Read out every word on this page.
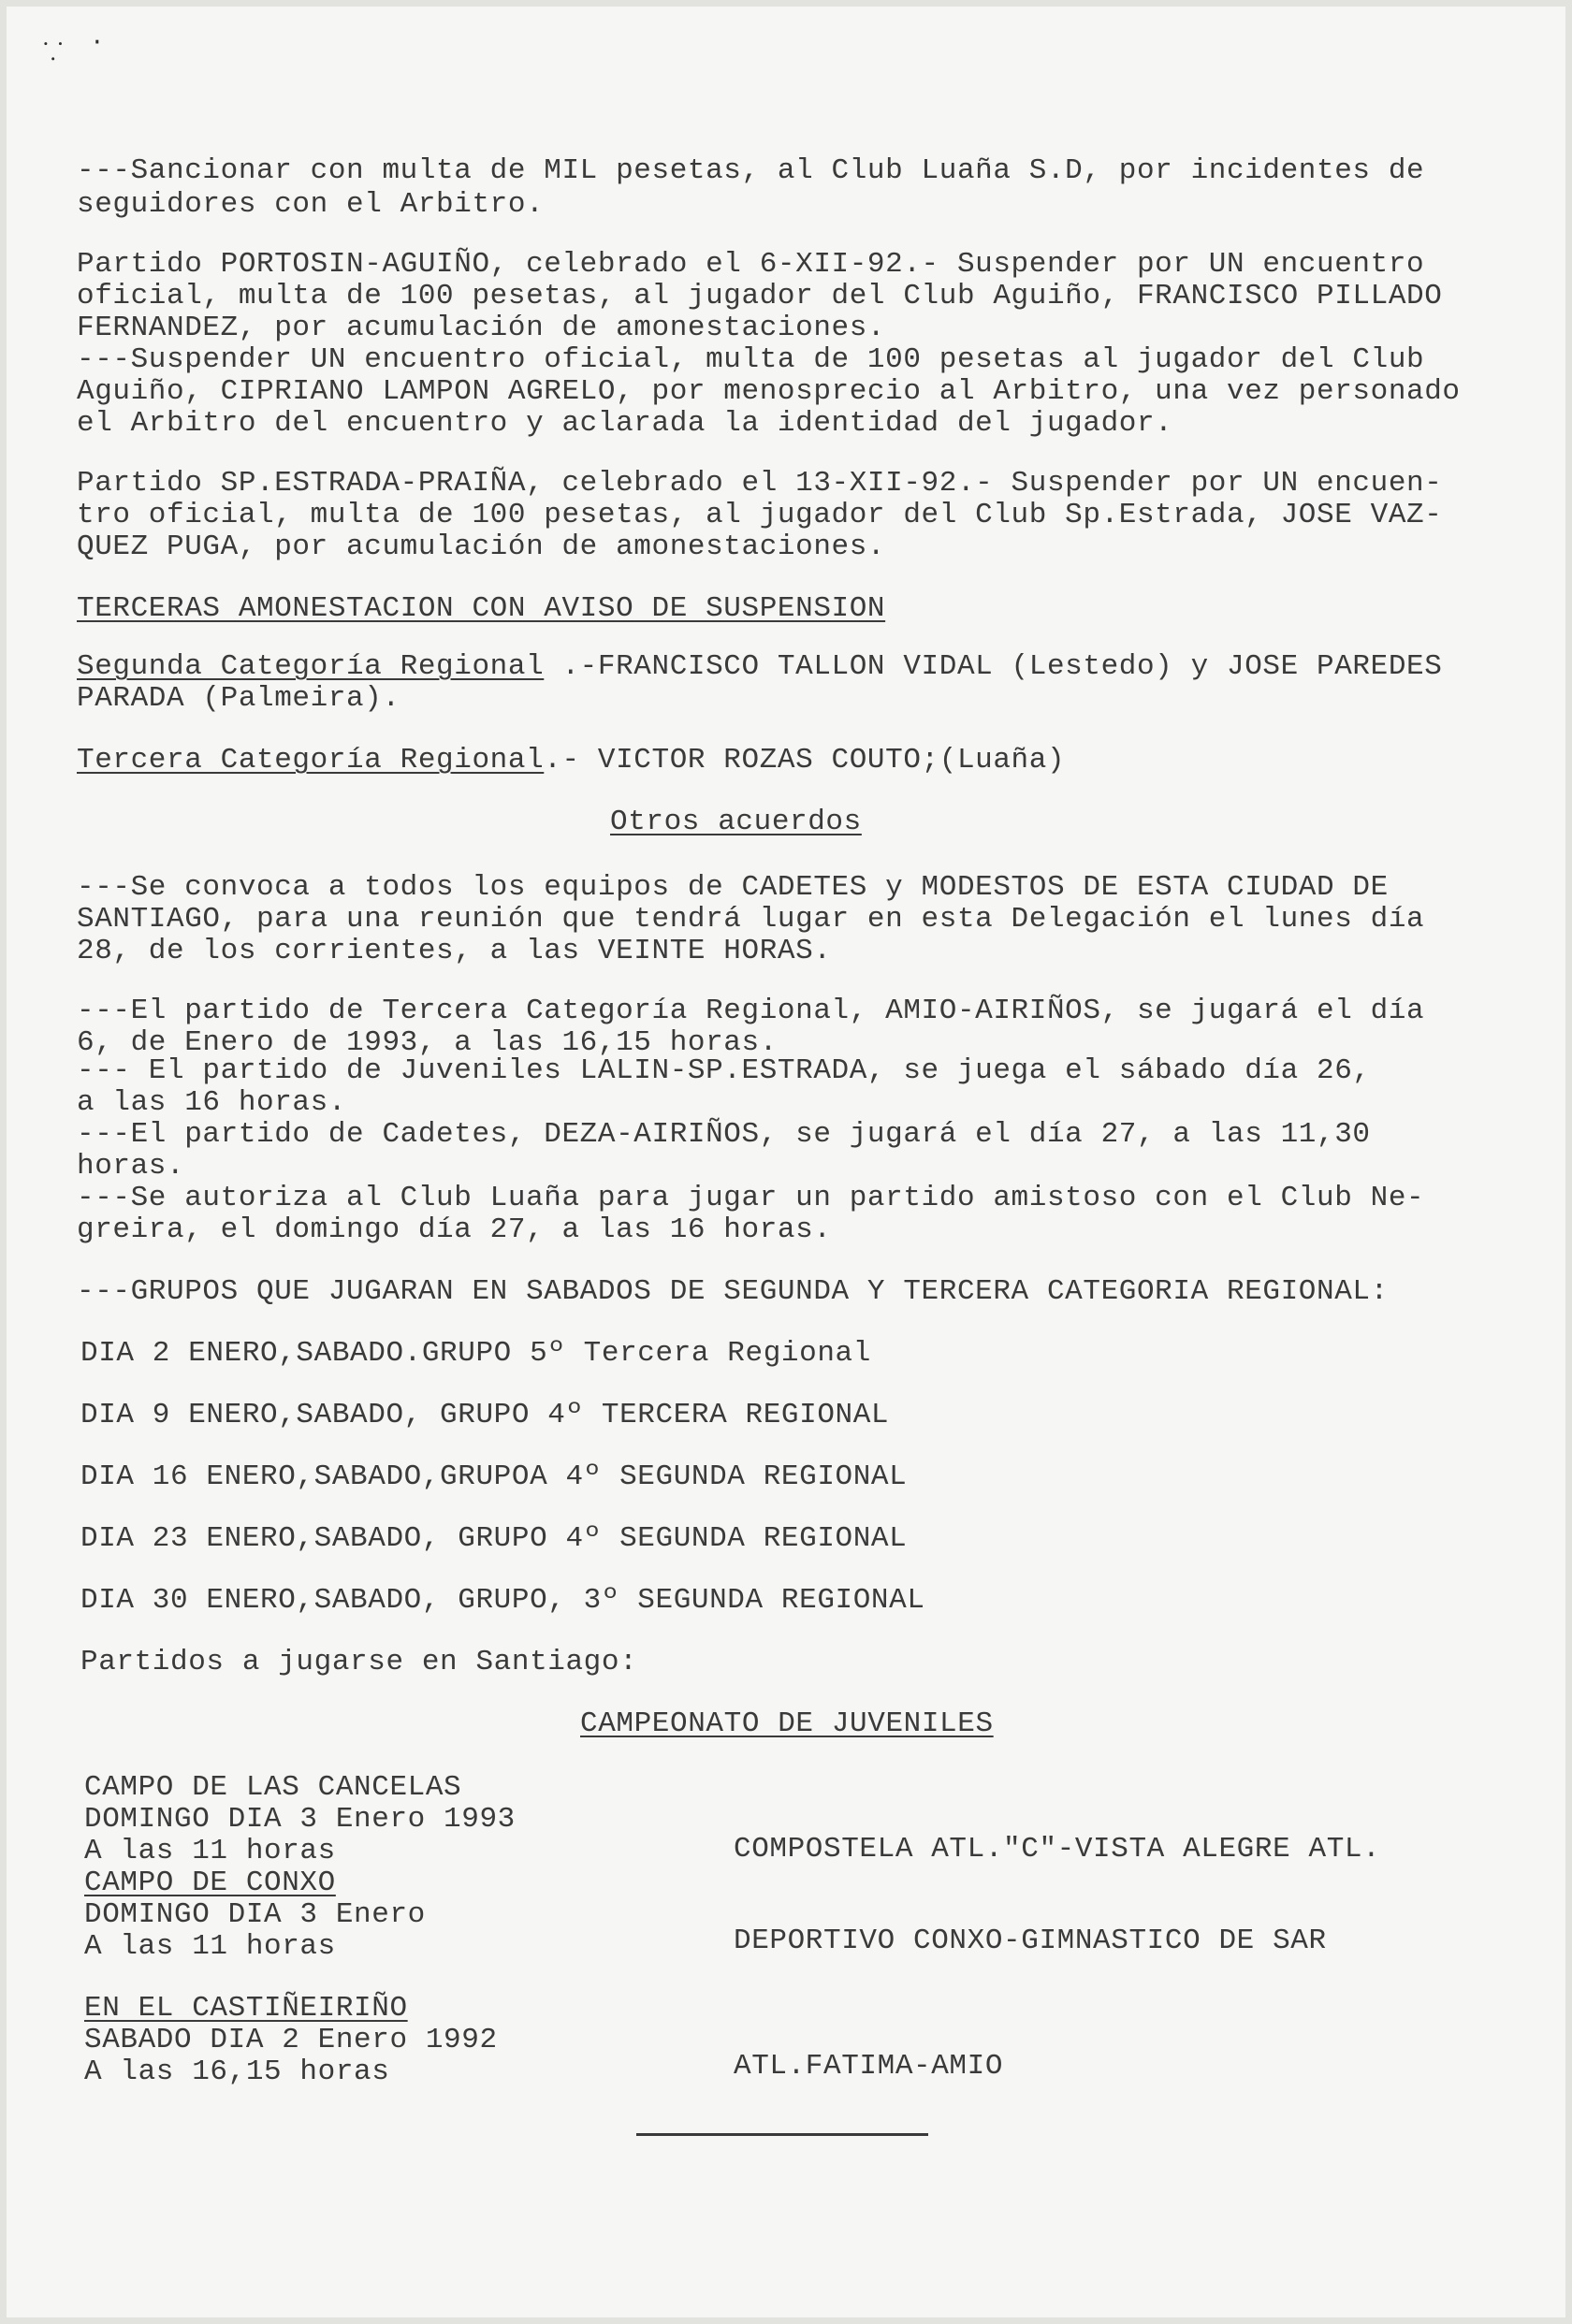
⸪ ·
---Sancionar con multa de MIL pesetas, al Club Luaña S.D, por incidentes de
seguidores con el Arbitro.
Partido PORTOSIN-AGUIÑO, celebrado el 6-XII-92.- Suspender por UN encuentro
oficial, multa de 100 pesetas, al jugador del Club Aguiño, FRANCISCO PILLADO
FERNANDEZ, por acumulación de amonestaciones.
---Suspender UN encuentro oficial, multa de 100 pesetas al jugador del Club
Aguiño, CIPRIANO LAMPON AGRELO, por menosprecio al Arbitro, una vez personado
el Arbitro del encuentro y aclarada la identidad del jugador.
Partido SP.ESTRADA-PRAIÑA, celebrado el 13-XII-92.- Suspender por UN encuen-
tro oficial, multa de 100 pesetas, al jugador del Club Sp.Estrada, JOSE VAZ-
QUEZ PUGA, por acumulación de amonestaciones.
TERCERAS AMONESTACION CON AVISO DE SUSPENSION
Segunda Categoría Regional .-FRANCISCO TALLON VIDAL (Lestedo) y JOSE PAREDES
PARADA (Palmeira).
Tercera Categoría Regional.- VICTOR ROZAS COUTO;(Luaña)
Otros acuerdos
---Se convoca a todos los equipos de CADETES y MODESTOS DE ESTA CIUDAD DE
SANTIAGO, para una reunión que tendrá lugar en esta Delegación el lunes día
28, de los corrientes, a las VEINTE HORAS.
---El partido de Tercera Categoría Regional, AMIO-AIRIÑOS, se jugará el día
6, de Enero de 1993, a las 16,15 horas.
--- El partido de Juveniles LALIN-SP.ESTRADA, se juega el sábado día 26,
a las 16 horas.
---El partido de Cadetes, DEZA-AIRIÑOS, se jugará el día 27, a las 11,30
horas.
---Se autoriza al Club Luaña para jugar un partido amistoso con el Club Ne-
greira, el domingo día 27, a las 16 horas.
---GRUPOS QUE JUGARAN EN SABADOS DE SEGUNDA Y TERCERA CATEGORIA REGIONAL:
DIA 2 ENERO,SABADO.GRUPO 5º Tercera Regional
DIA 9 ENERO,SABADO, GRUPO 4º TERCERA REGIONAL
DIA 16 ENERO,SABADO,GRUPOA 4º SEGUNDA REGIONAL
DIA 23 ENERO,SABADO, GRUPO 4º SEGUNDA REGIONAL
DIA 30 ENERO,SABADO, GRUPO, 3º SEGUNDA REGIONAL
Partidos a jugarse en Santiago:
CAMPEONATO DE JUVENILES
CAMPO DE LAS CANCELAS
DOMINGO DIA 3 Enero 1993
A las 11 horas	COMPOSTELA ATL."C"-VISTA ALEGRE ATL.
CAMPO DE CONXO
DOMINGO DIA 3 Enero
A las 11 horas	DEPORTIVO CONXO-GIMNASTICO DE SAR
EN EL CASTIÑEIRIÑO
SABADO DIA 2 Enero 1992
A las 16,15 horas	ATL.FATIMA-AMIO
